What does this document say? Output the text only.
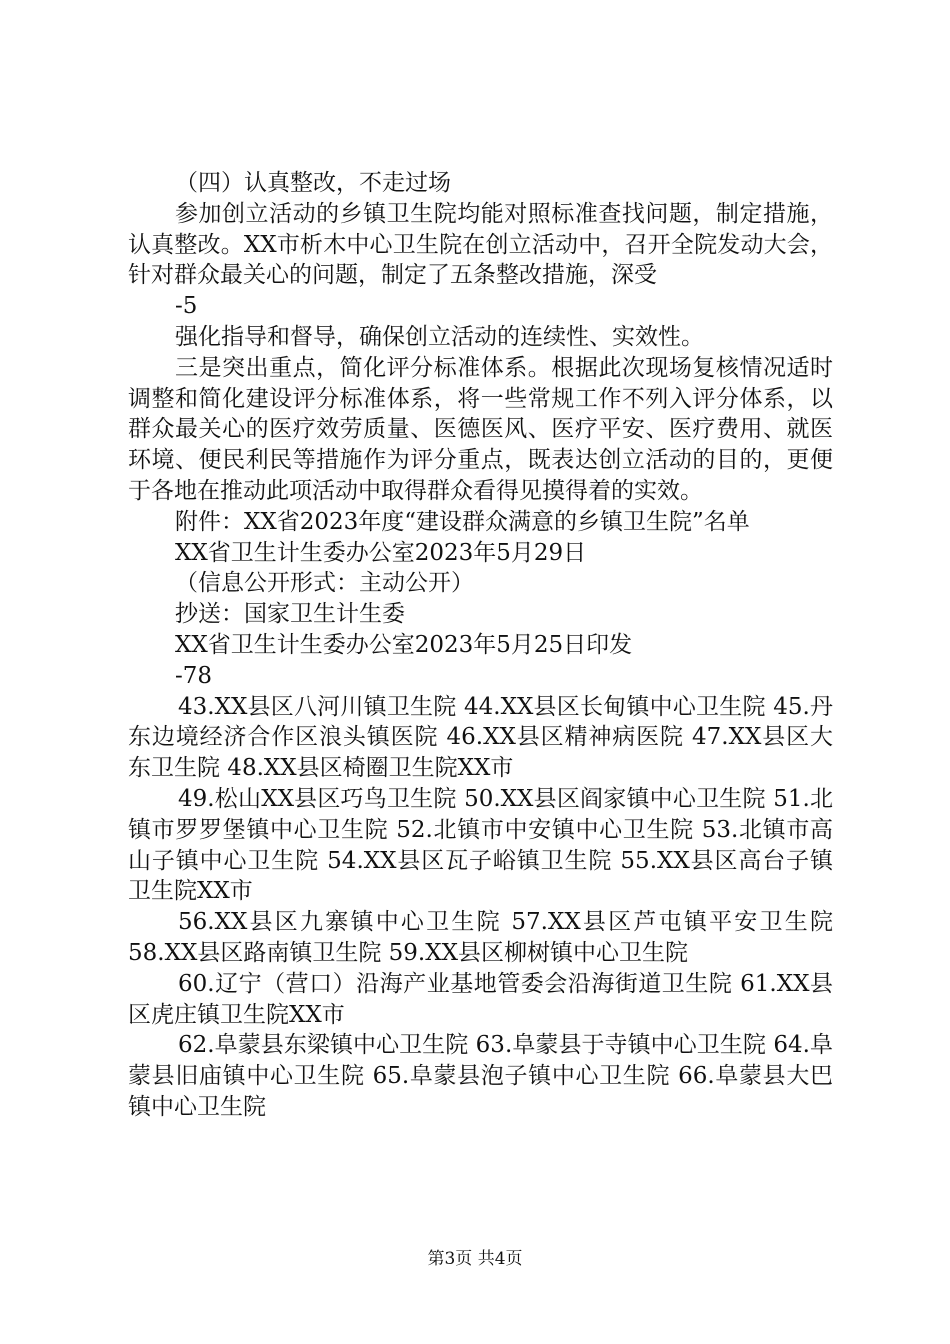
（四）认真整改，不走过场

参加创立活动的乡镇卫生院均能对照标准查找问题，制定措施，认真整改。XX市析木中心卫生院在创立活动中，召开全院发动大会，针对群众最关心的问题，制定了五条整改措施，深受

-5

强化指导和督导，确保创立活动的连续性、实效性。

三是突出重点，简化评分标准体系。根据此次现场复核情况适时调整和简化建设评分标准体系，将一些常规工作不列入评分体系，以群众最关心的医疗效劳质量、医德医风、医疗平安、医疗费用、就医环境、便民利民等措施作为评分重点，既表达创立活动的目的，更便于各地在推动此项活动中取得群众看得见摸得着的实效。

附件：XX省2023年度“建设群众满意的乡镇卫生院”名单

XX省卫生计生委办公室2023年5月29日

（信息公开形式：主动公开）

抄送：国家卫生计生委

XX省卫生计生委办公室2023年5月25日印发

-78

43.XX县区八河川镇卫生院 44.XX县区长甸镇中心卫生院 45.丹东边境经济合作区浪头镇医院 46.XX县区精神病医院 47.XX县区大东卫生院 48.XX县区椅圈卫生院XX市

49.松山XX县区巧鸟卫生院 50.XX县区阎家镇中心卫生院 51.北镇市罗罗堡镇中心卫生院 52.北镇市中安镇中心卫生院 53.北镇市高山子镇中心卫生院 54.XX县区瓦子峪镇卫生院 55.XX县区高台子镇卫生院XX市

56.XX县区九寨镇中心卫生院 57.XX县区芦屯镇平安卫生院 58.XX县区路南镇卫生院 59.XX县区柳树镇中心卫生院

60.辽宁（营口）沿海产业基地管委会沿海街道卫生院 61.XX县区虎庄镇卫生院XX市

62.阜蒙县东梁镇中心卫生院 63.阜蒙县于寺镇中心卫生院 64.阜蒙县旧庙镇中心卫生院 65.阜蒙县泡子镇中心卫生院 66.阜蒙县大巴镇中心卫生院

第3页 共4页
